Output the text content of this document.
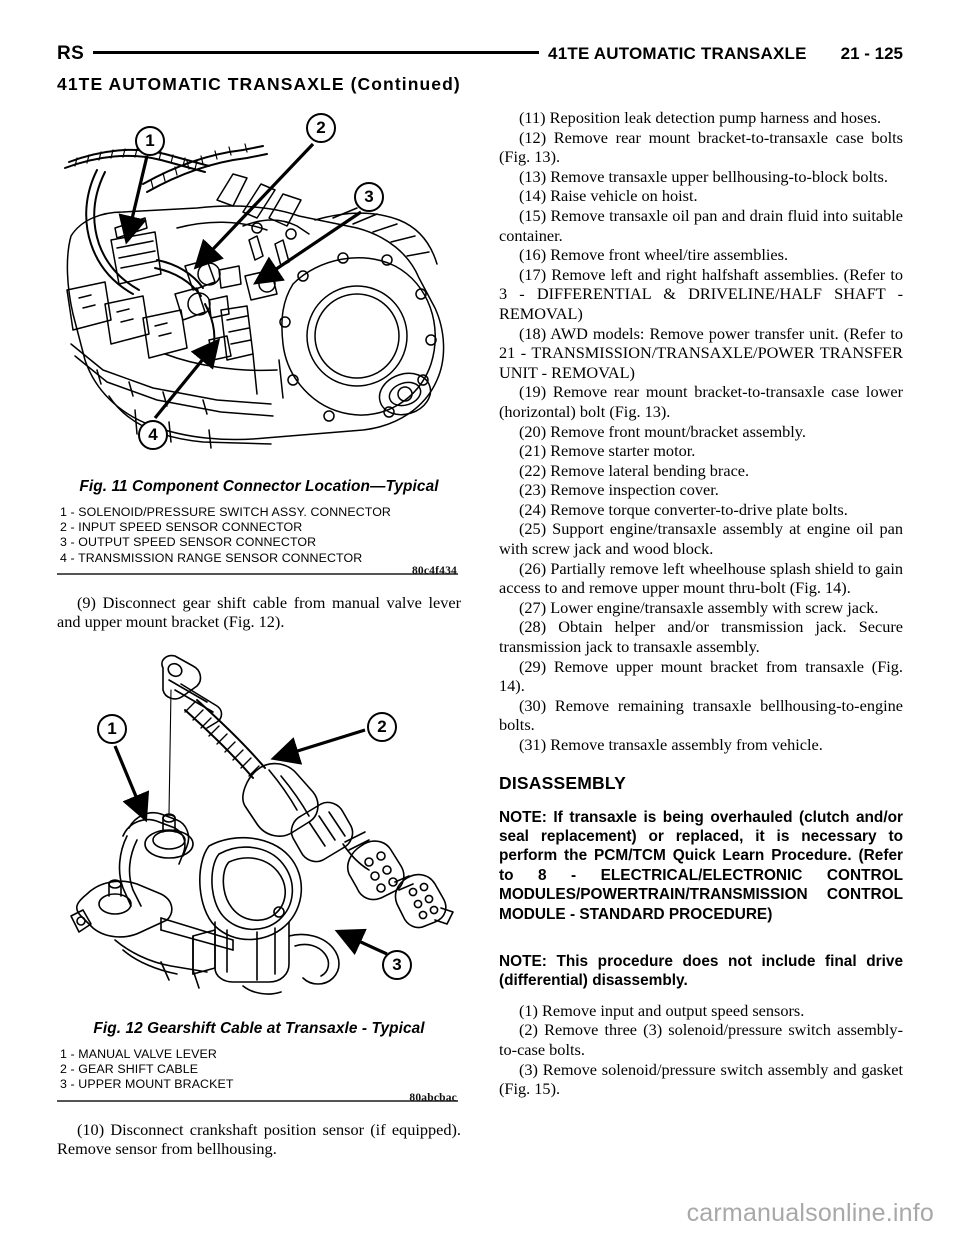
RS	41TE AUTOMATIC TRANSAXLE 21 - 125
41TE AUTOMATIC TRANSAXLE (Continued)
1
2
3
4
80c4f434
Fig. 11 Component Connector Location—Typical
1 - SOLENOID/PRESSURE SWITCH ASSY. CONNECTOR
2 - INPUT SPEED SENSOR CONNECTOR
3 - OUTPUT SPEED SENSOR CONNECTOR
4 - TRANSMISSION RANGE SENSOR CONNECTOR

(9) Disconnect gear shift cable from manual valve lever and upper mount bracket (Fig. 12).

1	2
3
80abcbac
Fig. 12 Gearshift Cable at Transaxle - Typical
1 - MANUAL VALVE LEVER
2 - GEAR SHIFT CABLE
3 - UPPER MOUNT BRACKET

(10) Disconnect crankshaft position sensor (if equipped). Remove sensor from bellhousing.

(11) Reposition leak detection pump harness and hoses.

(12) Remove rear mount bracket-to-transaxle case bolts (Fig. 13).

(13) Remove transaxle upper bellhousing-to-block bolts.

(14) Raise vehicle on hoist.

(15) Remove transaxle oil pan and drain fluid into suitable container.

(16) Remove front wheel/tire assemblies.

(17) Remove left and right halfshaft assemblies. (Refer to 3 - DIFFERENTIAL & DRIVELINE/HALF SHAFT - REMOVAL)

(18) AWD models: Remove power transfer unit. (Refer to 21 - TRANSMISSION/TRANSAXLE/POWER TRANSFER UNIT - REMOVAL)

(19) Remove rear mount bracket-to-transaxle case lower (horizontal) bolt (Fig. 13).

(20) Remove front mount/bracket assembly.

(21) Remove starter motor.

(22) Remove lateral bending brace.

(23) Remove inspection cover.

(24) Remove torque converter-to-drive plate bolts.

(25) Support engine/transaxle assembly at engine oil pan with screw jack and wood block.

(26) Partially remove left wheelhouse splash shield to gain access to and remove upper mount thru-bolt (Fig. 14).

(27) Lower engine/transaxle assembly with screw jack.

(28) Obtain helper and/or transmission jack. Secure transmission jack to transaxle assembly.

(29) Remove upper mount bracket from transaxle (Fig. 14).

(30) Remove remaining transaxle bellhousing-to-engine bolts.

(31) Remove transaxle assembly from vehicle.

DISASSEMBLY

NOTE: If transaxle is being overhauled (clutch and/or seal replacement) or replaced, it is necessary to perform the PCM/TCM Quick Learn Procedure. (Refer to 8 - ELECTRICAL/ELECTRONIC CONTROL MODULES/POWERTRAIN/TRANSMISSION CONTROL MODULE - STANDARD PROCEDURE)

NOTE: This procedure does not include final drive (differential) disassembly.

(1) Remove input and output speed sensors.

(2) Remove three (3) solenoid/pressure switch assembly-to-case bolts.

(3) Remove solenoid/pressure switch assembly and gasket (Fig. 15).

carmanualsonline.info
